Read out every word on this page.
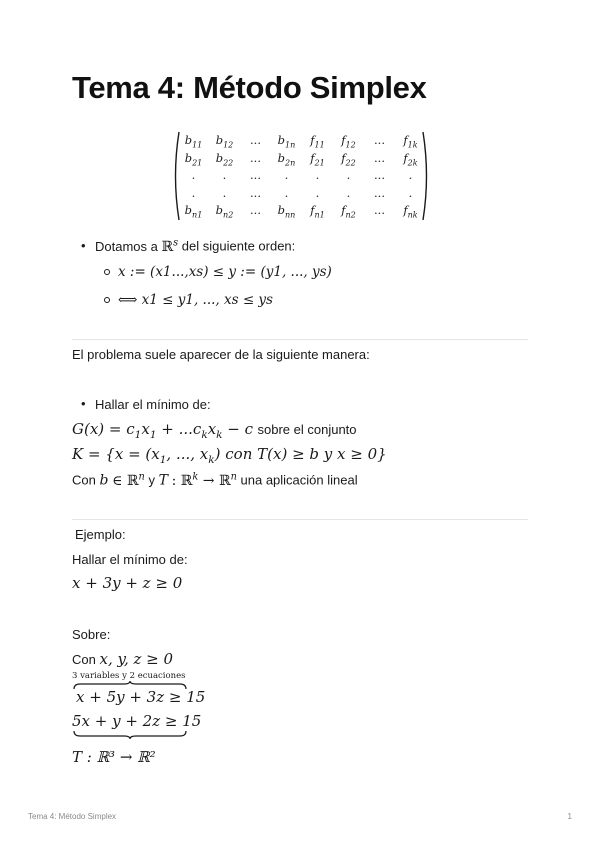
Tema 4: Método Simplex
$b_{11}$	$b_{12}$	...	$b_{1n}$	$f_{11}$	$f_{12}$	...	$f_{1k}$
$b_{21}$	$b_{22}$	...	$b_{2n}$	$f_{21}$	$f_{22}$	...	$f_{2k}$
.	.	...	.	.	.	...	.
.	.	...	.	.	.	...	.
$b_{n1}$	$b_{n2}$	...	$b_{nn}$	$f_{n1}$	$f_{n2}$	...	$f_{nk}$
• Dotamos a ℝ$^s$ del siguiente orden:
x := (x1...,xs) ≤ y := (y1, ..., ys)
⟺ x1 ≤ y1, ..., xs ≤ ys
El problema suele aparecer de la siguiente manera:
• Hallar el mínimo de:
$G(x) = c_1x_1 + ...c_kx_k - c$ sobre el conjunto
$K = \{x = (x_1$, ..., $x_k$) con T(x) ≥ b y x ≥ 0}
Con b ∈ ℝ$^n$ y T : ℝ$^k$ → ℝ$^n$ una aplicación lineal
Ejemplo:
Hallar el mínimo de:
x + 3y + z ≥ 0
Sobre:
Con x, y, z ≥ 0
3 variables y 2 ecuaciones
x + 5y + 3z ≥ 15
5x + y + 2z ≥ 15
T : ℝ³ → ℝ²
Tema 4: Método Simplex	1
